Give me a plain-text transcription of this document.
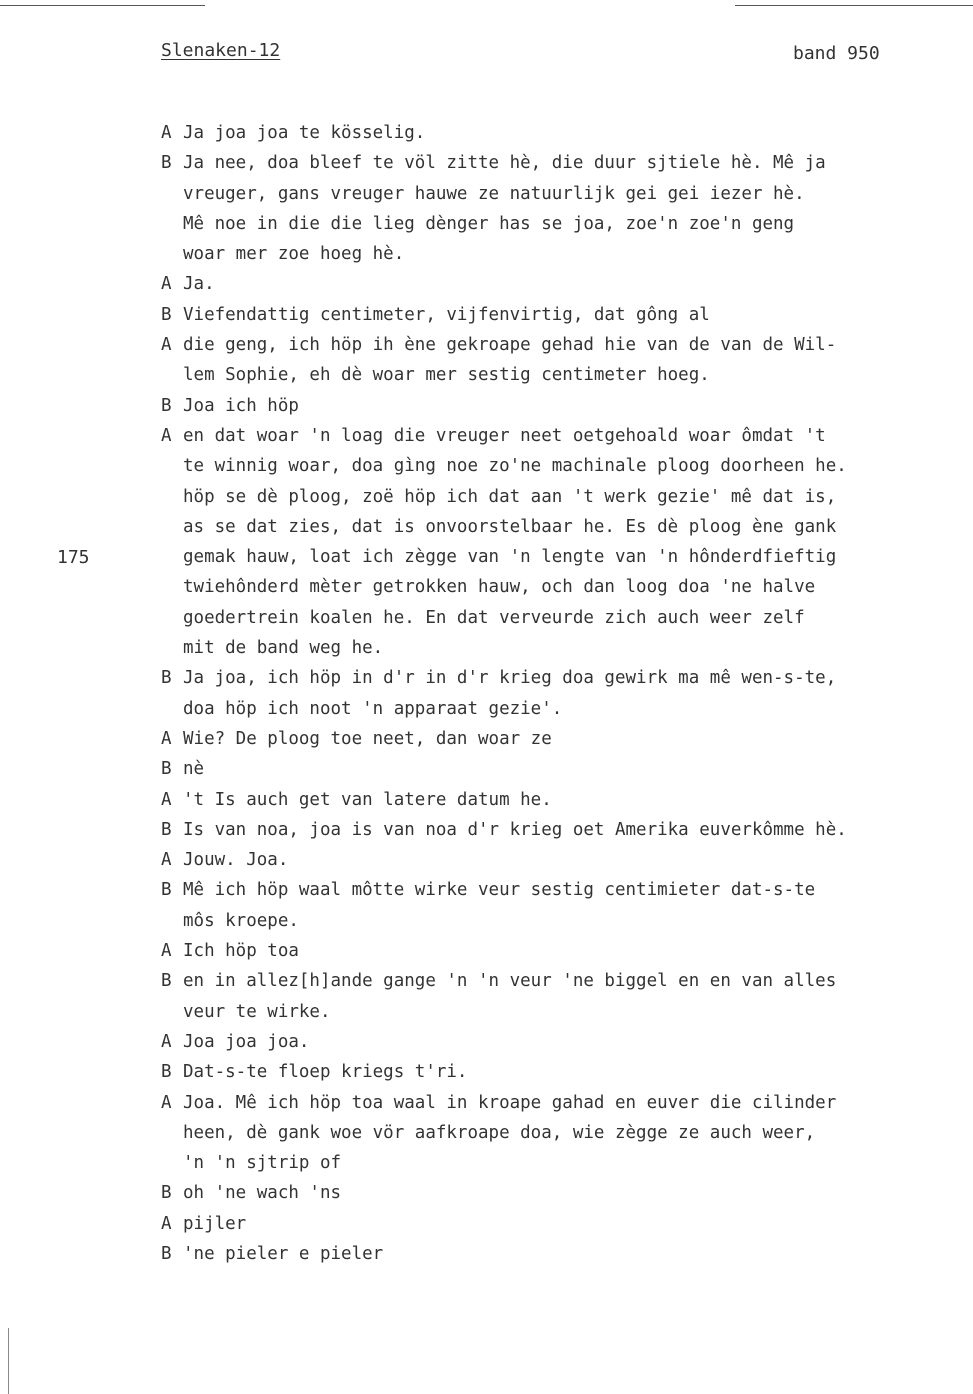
Slenaken-12	band 950
175
A Ja joa joa te kösselig.
B Ja nee, doa bleef te völ zitte hè, die duur sjtiele hè. Mê ja
vreuger, gans vreuger hauwe ze natuurlijk gei gei iezer hè.
Mê noe in die die lieg dènger has se joa, zoe'n zoe'n geng
woar mer zoe hoeg hè.
A Ja.
B Viefendattig centimeter, vijfenvirtig, dat gông al
A die geng, ich höp ih ène gekroape gehad hie van de van de Wil-
lem Sophie, eh dè woar mer sestig centimeter hoeg.
B Joa ich höp
A en dat woar 'n loag die vreuger neet oetgehoald woar ômdat 't
te winnig woar, doa gìng noe zo'ne machinale ploog doorheen he.
höp se dè ploog, zoë höp ich dat aan 't werk gezie' mê dat is,
as se dat zies, dat is onvoorstelbaar he. Es dè ploog ène gank
gemak hauw, loat ich zègge van 'n lengte van 'n hônderdfieftig
twiehônderd mèter getrokken hauw, och dan loog doa 'ne halve
goedertrein koalen he. En dat verveurde zich auch weer zelf
mit de band weg he.
B Ja joa, ich höp in d'r in d'r krieg doa gewirk ma mê wen-s-te,
doa höp ich noot 'n apparaat gezie'.
A Wie? De ploog toe neet, dan woar ze
B nè
A 't Is auch get van latere datum he.
B Is van noa, joa is van noa d'r krieg oet Amerika euverkômme hè.
A Jouw. Joa.
B Mê ich höp waal môtte wirke veur sestig centimieter dat-s-te
môs kroepe.
A Ich höp toa
B en in allez[h]ande gange 'n 'n veur 'ne biggel en en van alles
veur te wirke.
A Joa joa joa.
B Dat-s-te floep kriegs t'ri.
A Joa. Mê ich höp toa waal in kroape gahad en euver die cilinder
heen, dè gank woe vör aafkroape doa, wie zègge ze auch weer,
'n 'n sjtrip of
B oh 'ne wach 'ns
A pijler
B 'ne pieler e pieler
